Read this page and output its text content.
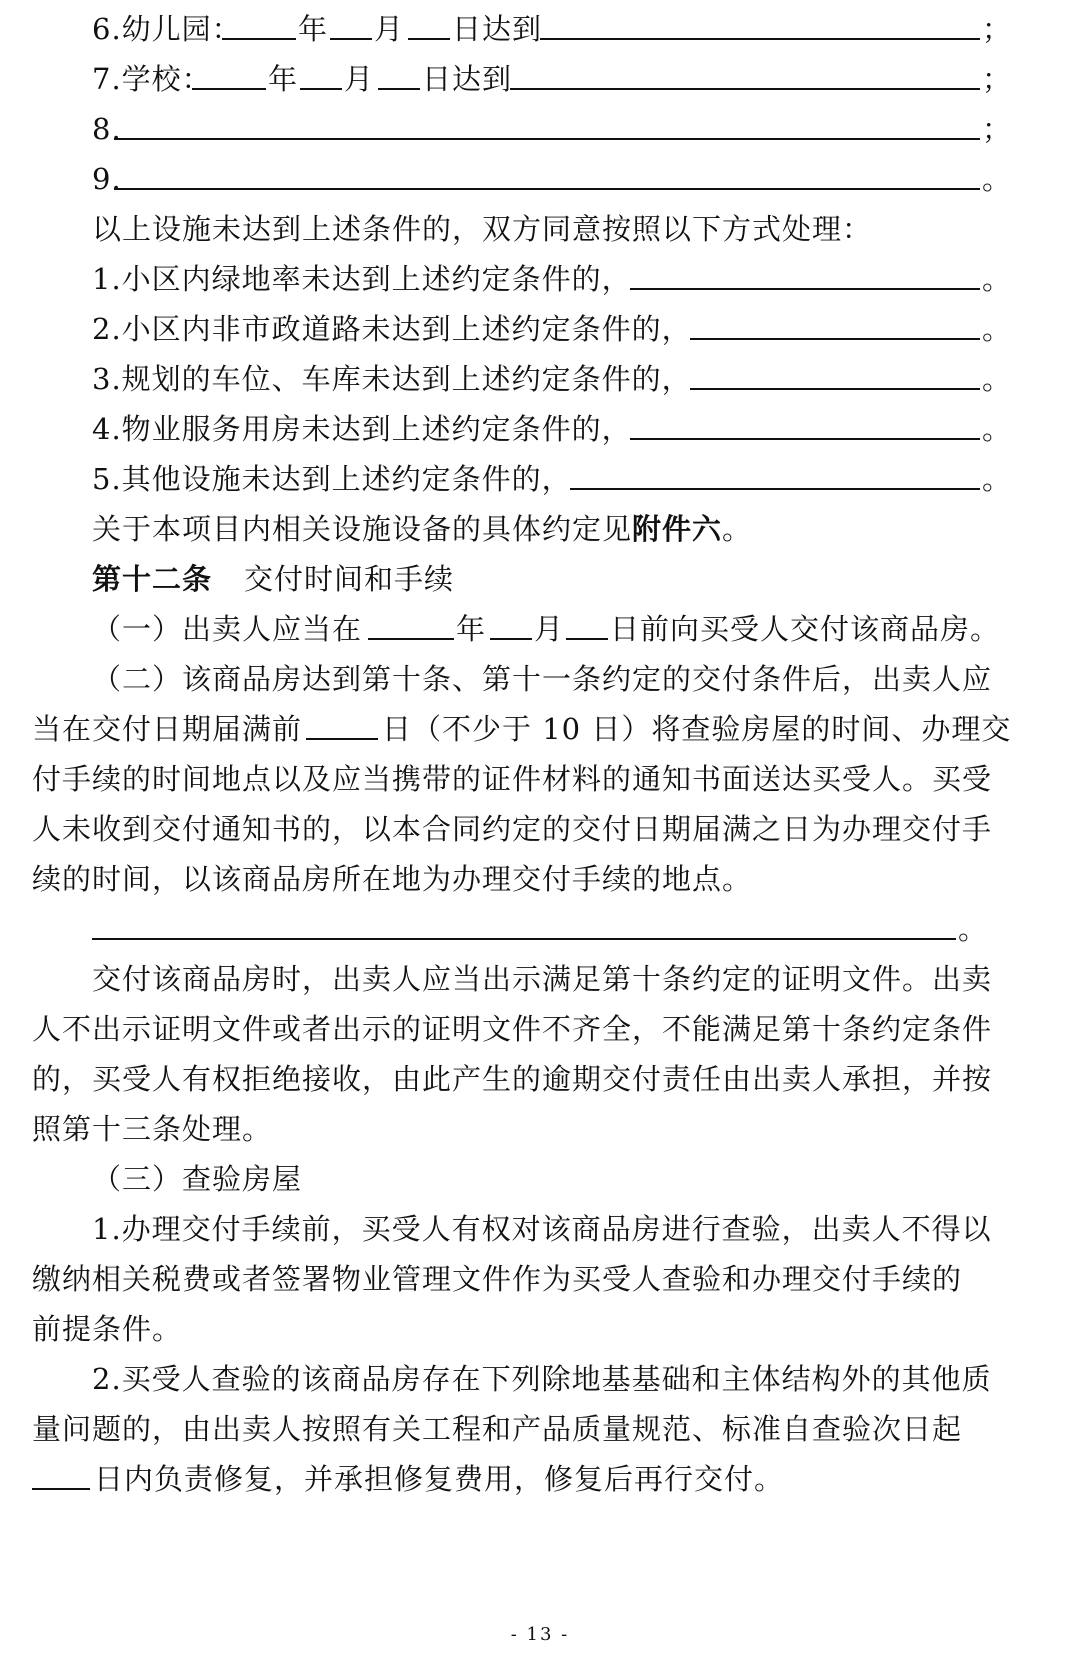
6.幼儿园： 年 月 日达到	；
7.学校： 年 月 日达到	；
8.	；
9.	。
以上设施未达到上述条件的，双方同意按照以下方式处理：
1.小区内绿地率未达到上述约定条件的，	。
2.小区内非市政道路未达到上述约定条件的，	。
3.规划的车位、车库未达到上述约定条件的，	。
4.物业服务用房未达到上述约定条件的，	。
5.其他设施未达到上述约定条件的，	。
关于本项目内相关设施设备的具体约定见附件六。
第十二条 交付时间和手续
（一）出卖人应当在	年 月 日前向买受人交付该商品房。
（二）该商品房达到第十条、第十一条约定的交付条件后，出卖人应
当在交付日期届满前	日（不少于 10 日）将查验房屋的时间、办理交
付手续的时间地点以及应当携带的证件材料的通知书面送达买受人。买受
人未收到交付通知书的，以本合同约定的交付日期届满之日为办理交付手
续的时间，以该商品房所在地为办理交付手续的地点。
。
交付该商品房时，出卖人应当出示满足第十条约定的证明文件。出卖
人不出示证明文件或者出示的证明文件不齐全，不能满足第十条约定条件
的，买受人有权拒绝接收，由此产生的逾期交付责任由出卖人承担，并按
照第十三条处理。
（三）查验房屋
1.办理交付手续前，买受人有权对该商品房进行查验，出卖人不得以
缴纳相关税费或者签署物业管理文件作为买受人查验和办理交付手续的
前提条件。
2.买受人查验的该商品房存在下列除地基基础和主体结构外的其他质
量问题的，由出卖人按照有关工程和产品质量规范、标准自查验次日起
日内负责修复，并承担修复费用，修复后再行交付。
- 13 -
